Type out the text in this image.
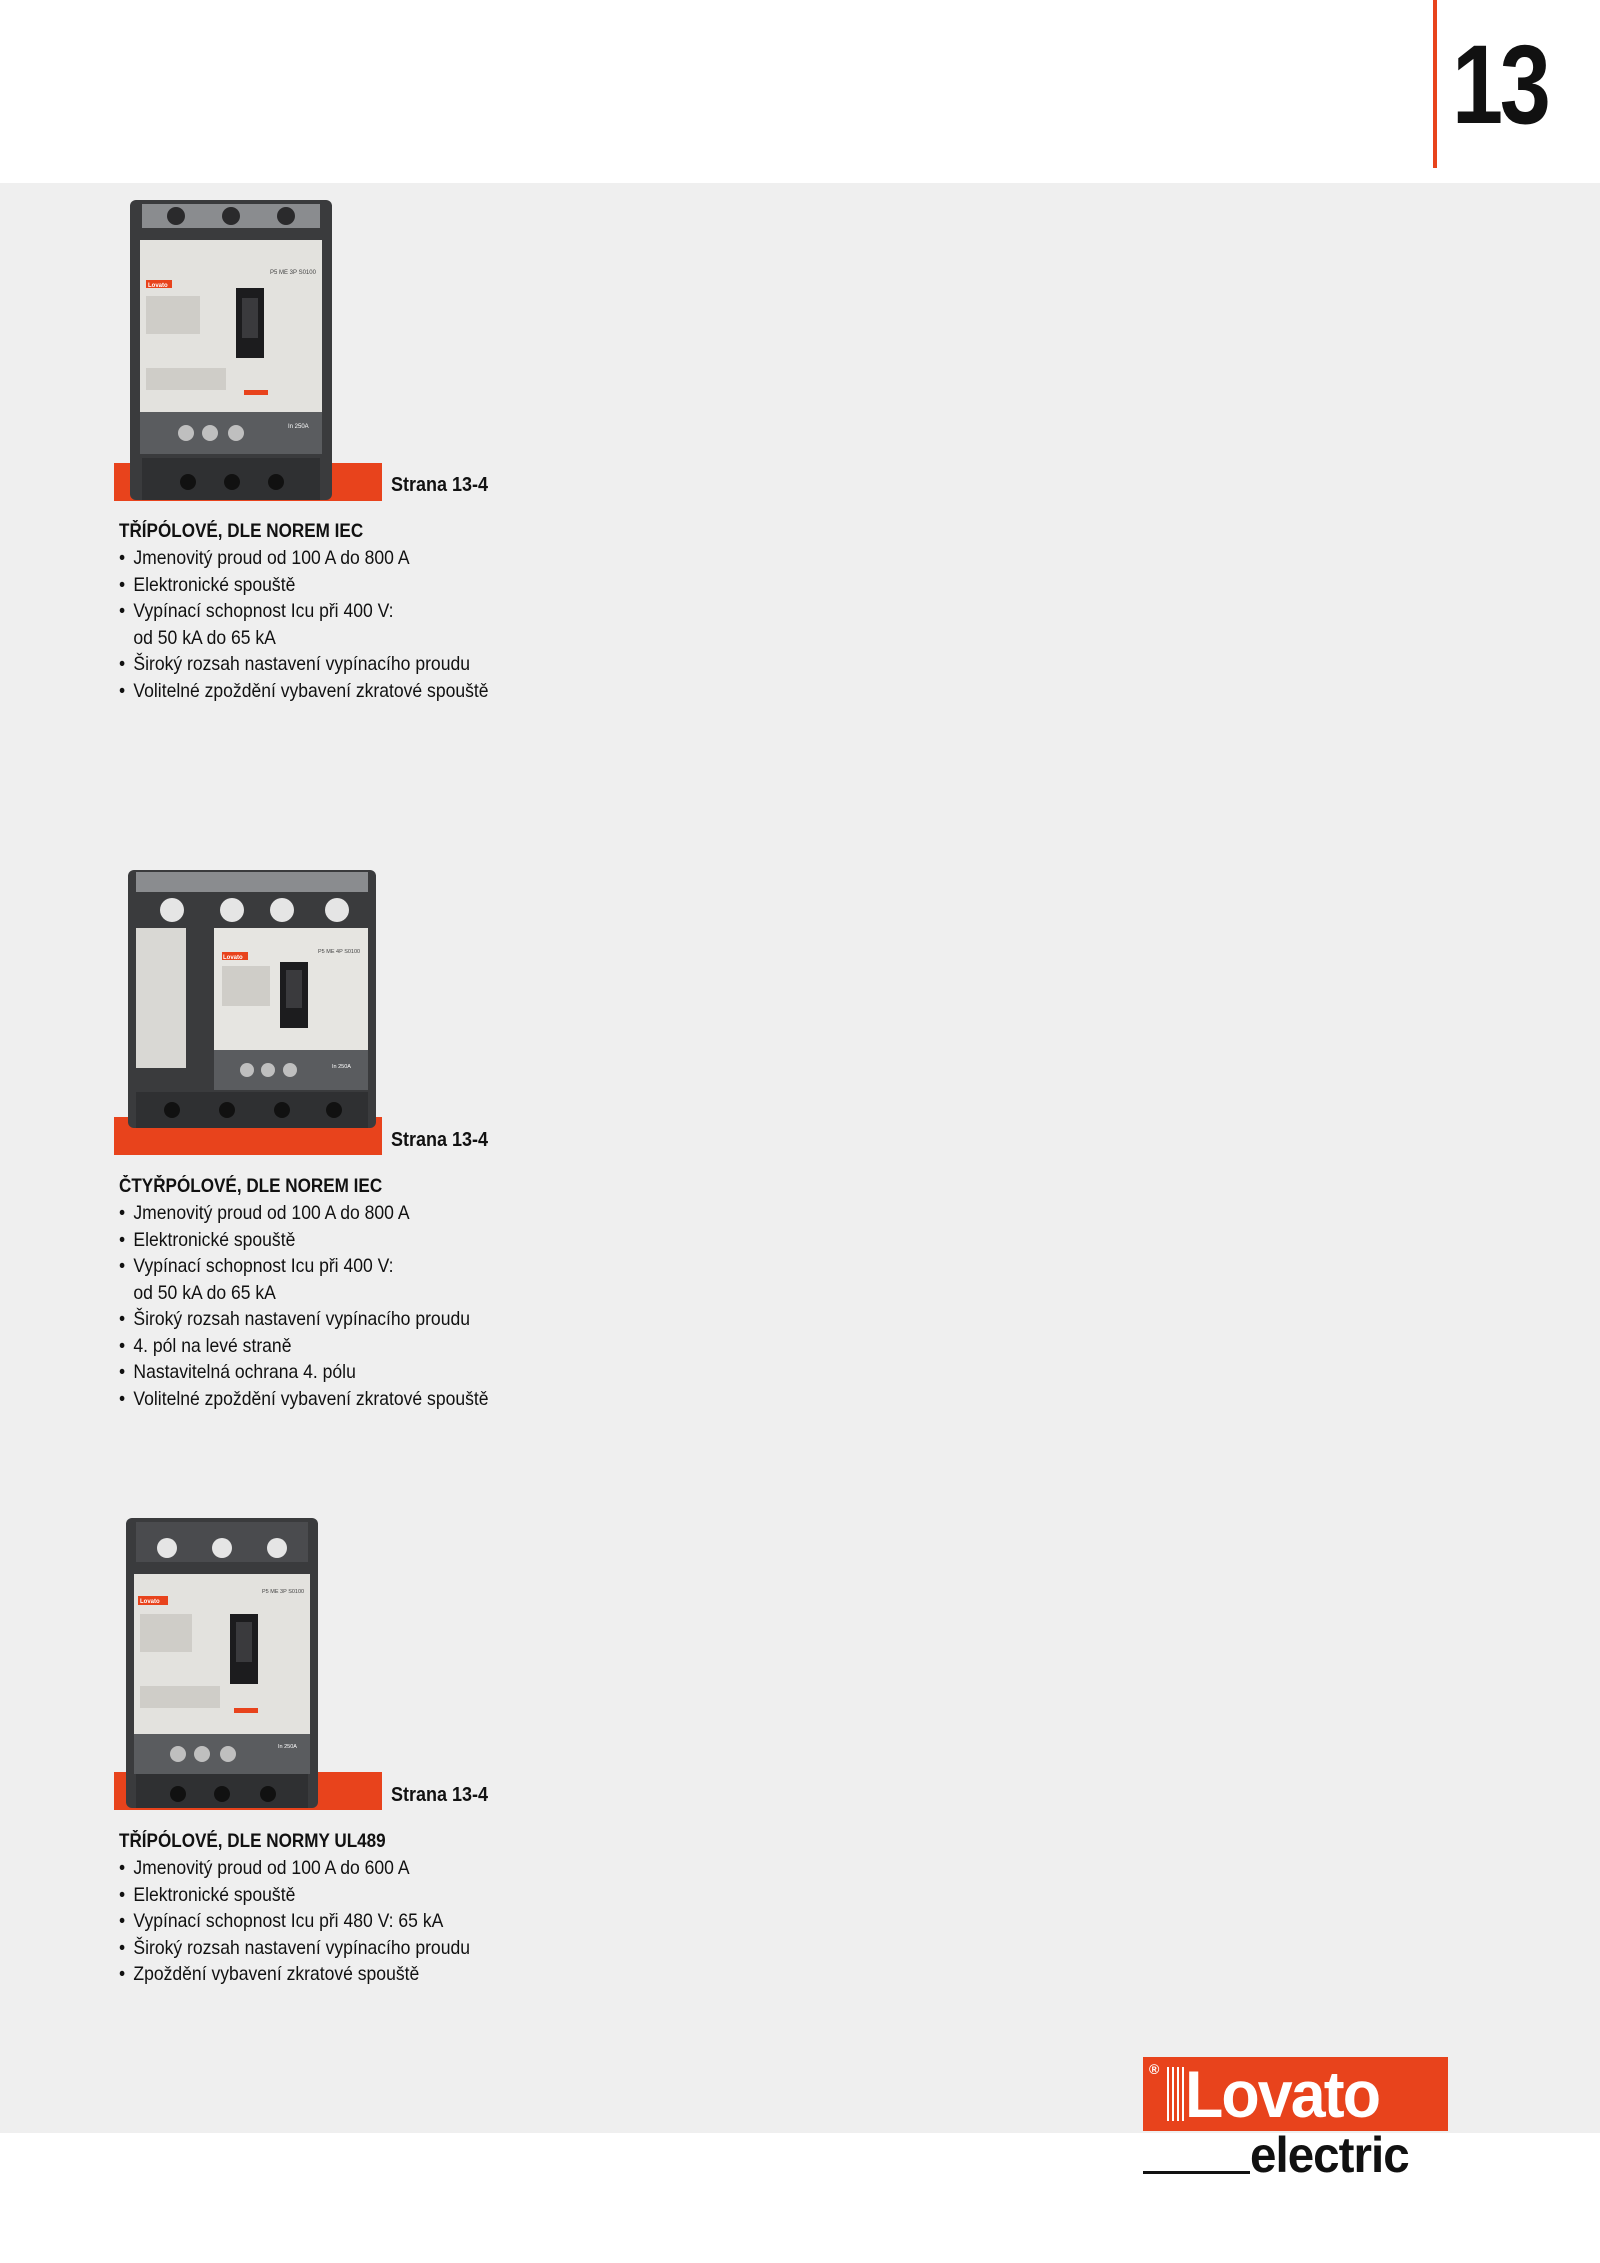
13
Lovato
P5 ME 3P S0100
In 250A
Strana 13-4
TŘÍPÓLOVÉ, DLE NOREM IEC
• Jmenovitý proud od 100 A do 800 A
• Elektronické spouště
• Vypínací schopnost Icu při 400 V:
od 50 kA do 65 kA
• Široký rozsah nastavení vypínacího proudu
• Volitelné zpoždění vybavení zkratové spouště
Lovato
P5 ME 4P S0100
In 250A
Strana 13-4
ČTYŘPÓLOVÉ, DLE NOREM IEC
• Jmenovitý proud od 100 A do 800 A
• Elektronické spouště
• Vypínací schopnost Icu při 400 V:
od 50 kA do 65 kA
• Široký rozsah nastavení vypínacího proudu
• 4. pól na levé straně
• Nastavitelná ochrana 4. pólu
• Volitelné zpoždění vybavení zkratové spouště
Lovato
P5 ME 3P S0100
In 250A
Strana 13-4
TŘÍPÓLOVÉ, DLE NORMY UL489
• Jmenovitý proud od 100 A do 600 A
• Elektronické spouště
• Vypínací schopnost Icu při 480 V: 65 kA
• Široký rozsah nastavení vypínacího proudu
• Zpoždění vybavení zkratové spouště
® Lovato
electric
